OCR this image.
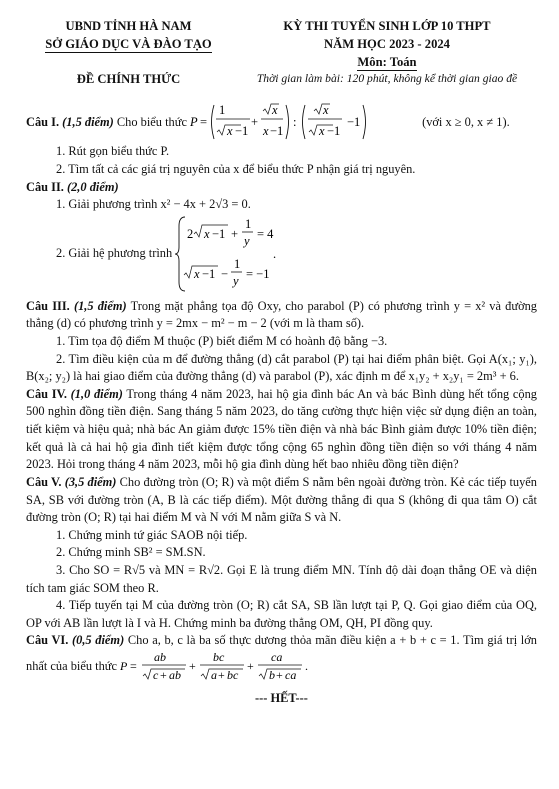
UBND TỈNH HÀ NAM
SỞ GIÁO DỤC VÀ ĐÀO TẠO
ĐỀ CHÍNH THỨC
KỲ THI TUYỂN SINH LỚP 10 THPT
NĂM HỌC 2023 - 2024
Môn: Toán
Thời gian làm bài: 120 phút, không kể thời gian giao đề
Câu I.
(1,5 điểm)
Cho biểu thức
P =
1
x −1
+
x
x −1
:
x
x −1
−1	(với x ≥ 0, x ≠ 1).

1. Rút gọn biểu thức P.

2. Tìm tất cả các giá trị nguyên của x để biểu thức P nhận giá trị nguyên.

Câu II. (2,0 điểm)

1. Giải phương trình x² − 4x + 2√3 = 0.

2. Giải hệ phương trình

2 x −1 +
1
y = 4
x −1 −
1
y = −1
.

Câu III. (1,5 điểm) Trong mặt phẳng tọa độ Oxy, cho parabol (P) có phương trình y = x² và đường thẳng (d) có phương trình y = 2mx − m² − m − 2 (với m là tham số).

1. Tìm tọa độ điểm M thuộc (P) biết điểm M có hoành độ bằng −3.

2. Tìm điều kiện của m để đường thẳng (d) cắt parabol (P) tại hai điểm phân biệt. Gọi A(x₁; y₁), B(x₂; y₂) là hai giao điểm của đường thẳng (d) và parabol (P), xác định m để x₁y₂ + x₂y₁ = 2m³ + 6.

Câu IV. (1,0 điểm) Trong tháng 4 năm 2023, hai hộ gia đình bác An và bác Bình dùng hết tổng cộng 500 nghìn đồng tiền điện. Sang tháng 5 năm 2023, do tăng cường thực hiện việc sử dụng điện an toàn, tiết kiệm và hiệu quả; nhà bác An giảm được 15% tiền điện và nhà bác Bình giảm được 10% tiền điện; kết quả là cả hai hộ gia đình tiết kiệm được tổng cộng 65 nghìn đồng tiền điện so với tháng 4 năm 2023. Hỏi trong tháng 4 năm 2023, mỗi hộ gia đình dùng hết bao nhiêu đồng tiền điện?

Câu V. (3,5 điểm) Cho đường tròn (O; R) và một điểm S nằm bên ngoài đường tròn. Kẻ các tiếp tuyến SA, SB với đường tròn (A, B là các tiếp điểm). Một đường thẳng đi qua S (không đi qua tâm O) cắt đường tròn (O; R) tại hai điểm M và N với M nằm giữa S và N.

1. Chứng minh tứ giác SAOB nội tiếp.

2. Chứng minh SB² = SM.SN.

3. Cho SO = R√5 và MN = R√2. Gọi E là trung điểm MN. Tính độ dài đoạn thẳng OE và diện tích tam giác SOM theo R.

4. Tiếp tuyến tại M của đường tròn (O; R) cắt SA, SB lần lượt tại P, Q. Gọi giao điểm của OQ, OP với AB lần lượt là I và H. Chứng minh ba đường thẳng OM, QH, PI đồng quy.

Câu VI. (0,5 điểm) Cho a, b, c là ba số thực dương thỏa mãn điều kiện a + b + c = 1. Tìm giá trị lớn nhất của biểu thức P =
ab
c + ab
+
bc
a + bc
+
ca
b + ca
.

--- HẾT---
